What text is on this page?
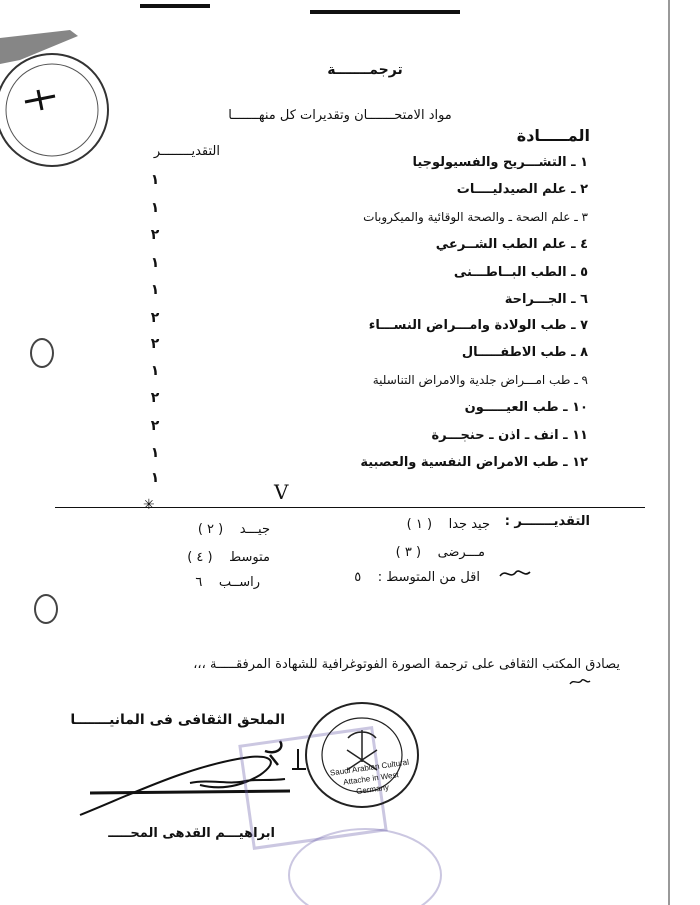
ترجمـــــــة
مواد الامتحـــــــان وتقديرات كل منهـــــــا
المـــــادة
التقديــــــــر
١ ـ التشـــريح والفسيولوجيا
١
٢ ـ علم الصيدليــــات
١
٣ ـ علم الصحة ـ والصحة الوقائية والميكروبات
٢
٤ ـ علم الطب الشــرعي
١
٥ ـ الطب البــاطـــنى
١
٦ ـ الجـــراحة
٢	٧ ـ طب الولادة وامـــراض النســـاء
٢
٨ ـ طب الاطفـــــال
١
٩ ـ طب امـــراض جلدية والامراض التناسلية
٢
١٠ ـ طب العيـــــون
٢
١١ ـ انف ـ اذن ـ حنجـــرة
١
١٢ ـ طب الامراض النفسية والعصبية
١
V
✳
التقديـــــــر :
جيد جدا    ( ١ )
جيـــد    ( ٢ )
مـــرضى    ( ٣ )
متوسط    ( ٤ )
اقل من المتوسط :    ٥
راســب    ٦
يصادق المكتب الثقافى على ترجمة الصورة الفوتوغرافية للشهادة المرفقـــــة ،،،
الملحق الثقافى فى المانيـــــــا
ابراهيـــم القدهى المحـــــ
Saudi Arabian Cultural Attache in West Germany
